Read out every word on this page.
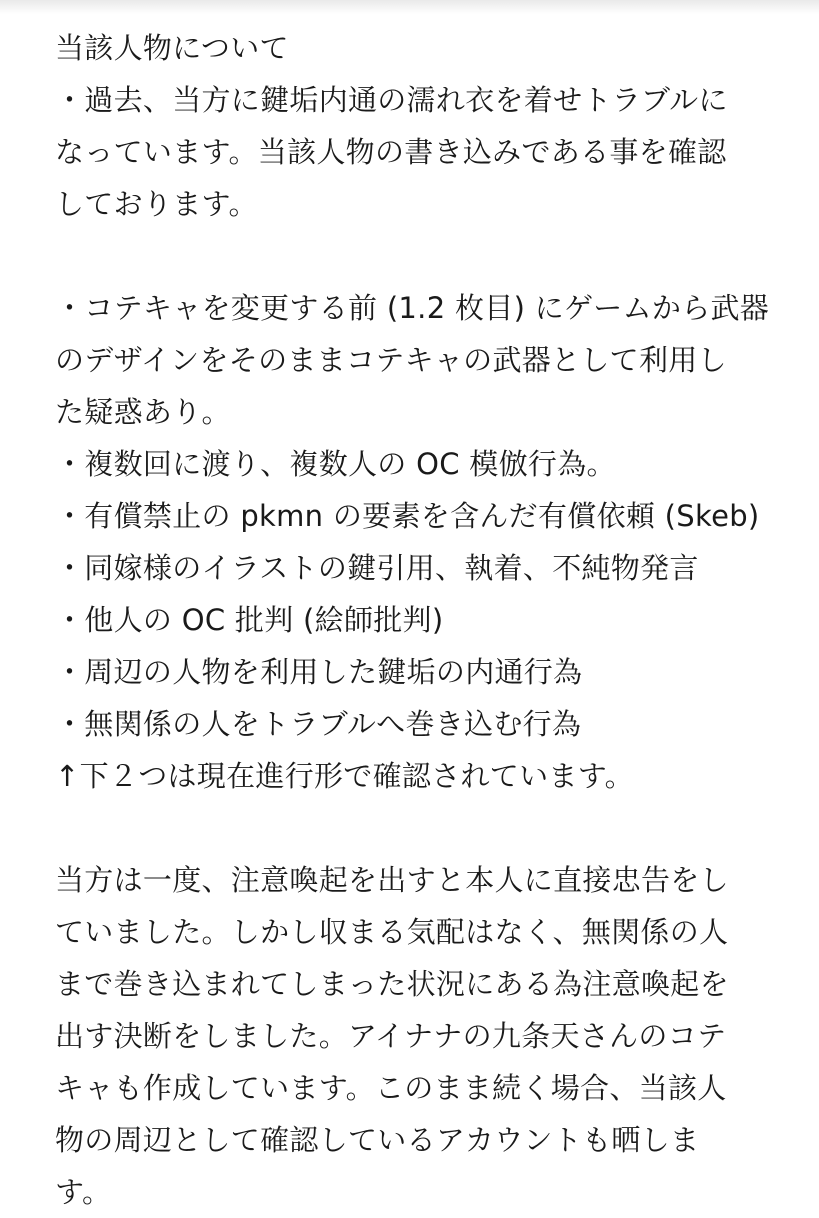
当該人物について
・過去、当方に鍵垢内通の濡れ衣を着せトラブルに
なっています。当該人物の書き込みである事を確認
しております。
・コテキャを変更する前 (1.2 枚目) にゲームから武器
のデザインをそのままコテキャの武器として利用し
た疑惑あり。
・複数回に渡り、複数人の OC 模倣行為。
・有償禁止の pkmn の要素を含んだ有償依頼 (Skeb)
・同嫁様のイラストの鍵引用、執着、不純物発言
・他人の OC 批判 (絵師批判)
・周辺の人物を利用した鍵垢の内通行為
・無関係の人をトラブルへ巻き込む行為
↑下２つは現在進行形で確認されています。
当方は一度、注意喚起を出すと本人に直接忠告をし
ていました。しかし収まる気配はなく、無関係の人
まで巻き込まれてしまった状況にある為注意喚起を
出す決断をしました。アイナナの九条天さんのコテ
キャも作成しています。このまま続く場合、当該人
物の周辺として確認しているアカウントも晒しま
す。
